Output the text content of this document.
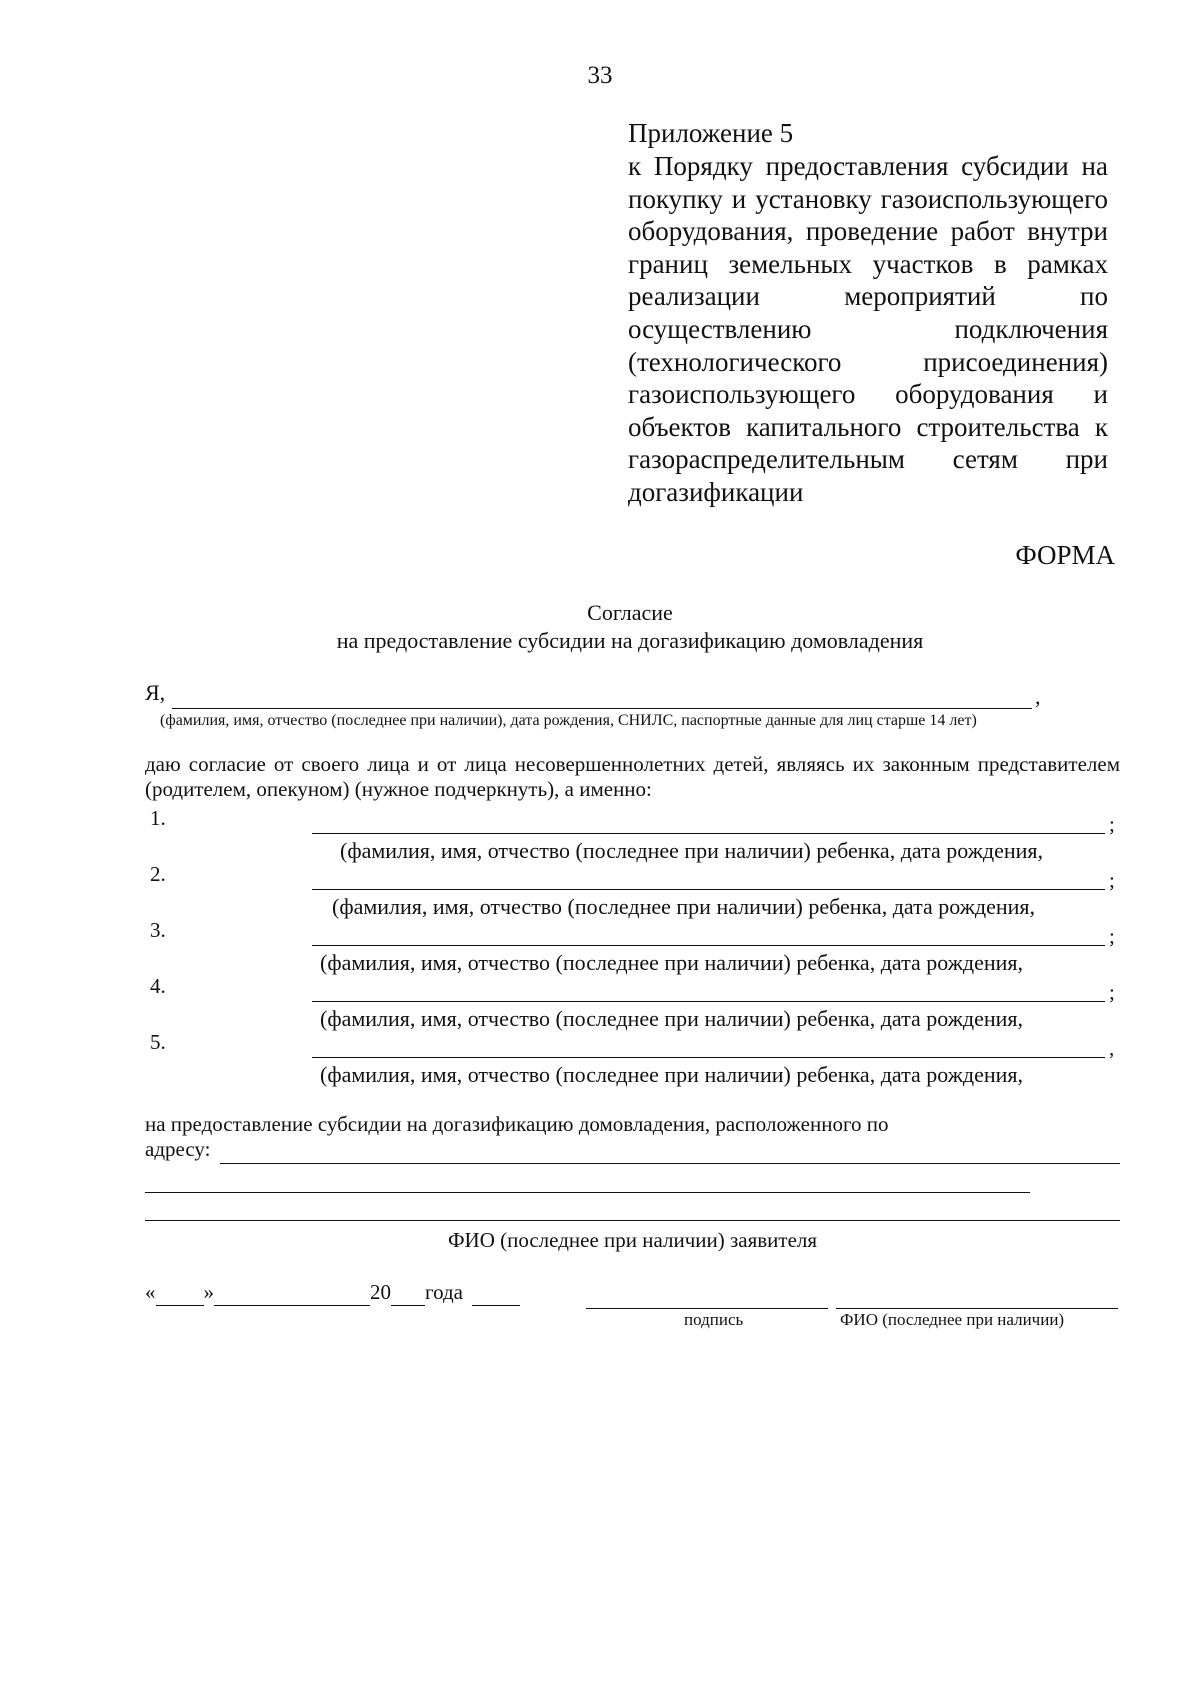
33
Приложение 5
к Порядку предоставления субсидии на покупку и установку газоиспользующего оборудования, проведение работ внутри границ земельных участков в рамках реализации мероприятий по осуществлению подключения (технологического присоединения) газоиспользующего оборудования и объектов капитального строительства к газораспределительным сетям при догазификации
ФОРМА
Согласие
на предоставление субсидии на догазификацию домовладения
Я,	,
(фамилия, имя, отчество (последнее при наличии), дата рождения, СНИЛС, паспортные данные для лиц старше 14 лет)
даю согласие от своего лица и от лица несовершеннолетних детей, являясь их законным представителем (родителем, опекуном) (нужное подчеркнуть), а именно:
1.	;
(фамилия, имя, отчество (последнее при наличии) ребенка, дата рождения,
2.	;
(фамилия, имя, отчество (последнее при наличии) ребенка, дата рождения,
3.	;
(фамилия, имя, отчество (последнее при наличии) ребенка, дата рождения,
4.	;
(фамилия, имя, отчество (последнее при наличии) ребенка, дата рождения,
5.	,
(фамилия, имя, отчество (последнее при наличии) ребенка, дата рождения,
на предоставление субсидии на догазификацию домовладения, расположенного по
адресу:
ФИО (последнее при наличии) заявителя
« »	20 года
подпись	ФИО (последнее при наличии)
